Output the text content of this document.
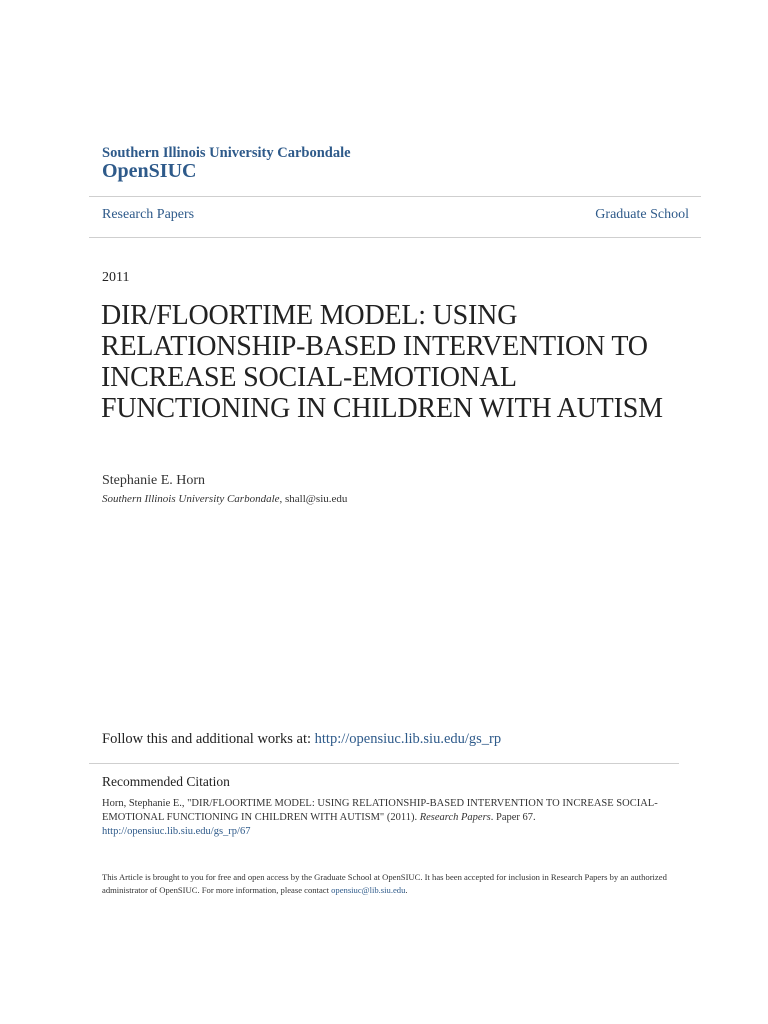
Southern Illinois University Carbondale
OpenSIUC
Research Papers	Graduate School
2011
DIR/FLOORTIME MODEL: USING RELATIONSHIP-BASED INTERVENTION TO INCREASE SOCIAL-EMOTIONAL FUNCTIONING IN CHILDREN WITH AUTISM
Stephanie E. Horn
Southern Illinois University Carbondale, shall@siu.edu
Follow this and additional works at: http://opensiuc.lib.siu.edu/gs_rp
Recommended Citation
Horn, Stephanie E., "DIR/FLOORTIME MODEL: USING RELATIONSHIP-BASED INTERVENTION TO INCREASE SOCIAL-EMOTIONAL FUNCTIONING IN CHILDREN WITH AUTISM" (2011). Research Papers. Paper 67.
http://opensiuc.lib.siu.edu/gs_rp/67
This Article is brought to you for free and open access by the Graduate School at OpenSIUC. It has been accepted for inclusion in Research Papers by an authorized administrator of OpenSIUC. For more information, please contact opensiuc@lib.siu.edu.
